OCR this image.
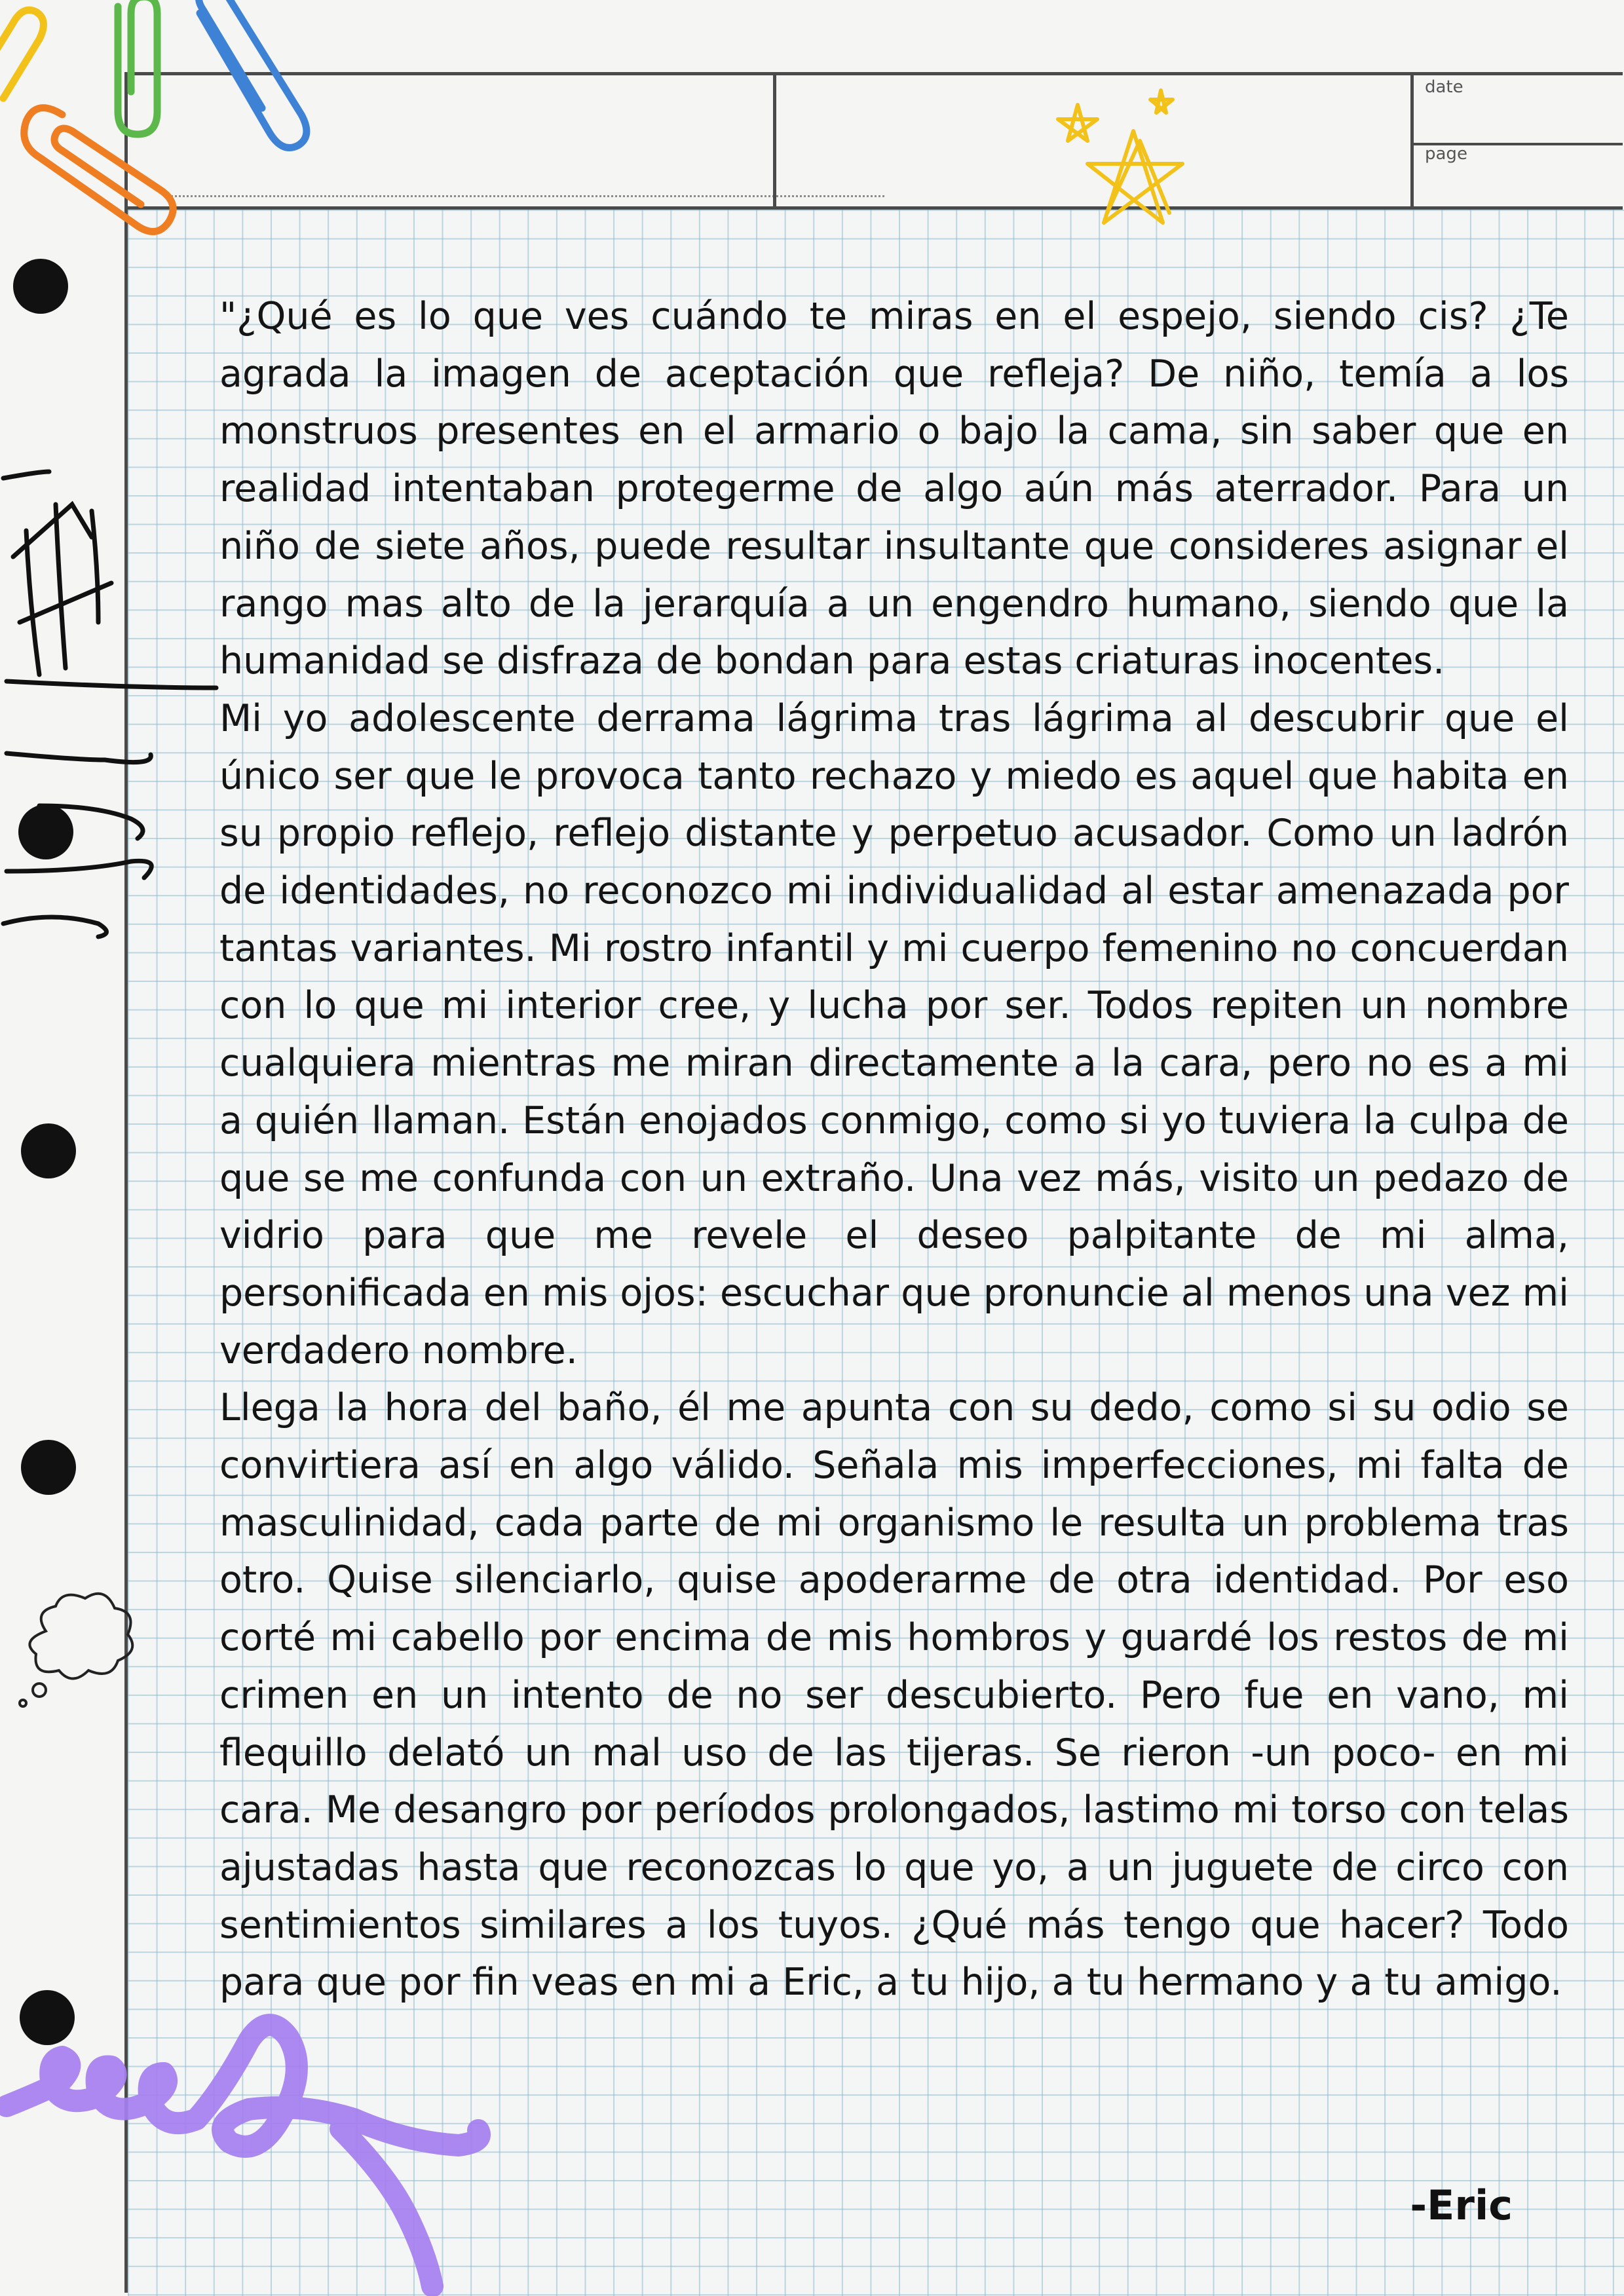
date
page

"¿Qué es lo que ves cuándo te miras en el espejo, siendo cis? ¿Te agrada la imagen de aceptación que refleja? De niño, temía a los monstruos presentes en el armario o bajo la cama, sin saber que en realidad intentaban protegerme de algo aún más aterrador. Para un niño de siete años, puede resultar insultante que consideres asignar el rango mas alto de la jerarquía a un engendro humano, siendo que la humanidad se disfraza de bondan para estas criaturas inocentes.

Mi yo adolescente derrama lágrima tras lágrima al descubrir que el único ser que le provoca tanto rechazo y miedo es aquel que habita en su propio reflejo, reflejo distante y perpetuo acusador. Como un ladrón de identidades, no reconozco mi individualidad al estar amenazada por tantas variantes. Mi rostro infantil y mi cuerpo femenino no concuerdan con lo que mi interior cree, y lucha por ser. Todos repiten un nombre cualquiera mientras me miran directamente a la cara, pero no es a mi a quién llaman. Están enojados conmigo, como si yo tuviera la culpa de que se me confunda con un extraño. Una vez más, visito un pedazo de vidrio para que me revele el deseo palpitante de mi alma, personificada en mis ojos: escuchar que pronuncie al menos una vez mi verdadero nombre.

Llega la hora del baño, él me apunta con su dedo, como si su odio se convirtiera así en algo válido. Señala mis imperfecciones, mi falta de masculinidad, cada parte de mi organismo le resulta un problema tras otro. Quise silenciarlo, quise apoderarme de otra identidad. Por eso corté mi cabello por encima de mis hombros y guardé los restos de mi crimen en un intento de no ser descubierto. Pero fue en vano, mi flequillo delató un mal uso de las tijeras. Se rieron -un poco- en mi cara. Me desangro por períodos prolongados, lastimo mi torso con telas ajustadas hasta que reconozcas lo que yo, a un juguete de circo con sentimientos similares a los tuyos. ¿Qué más tengo que hacer? Todo para que por fin veas en mi a Eric, a tu hijo, a tu hermano y a tu amigo.

-Eric
